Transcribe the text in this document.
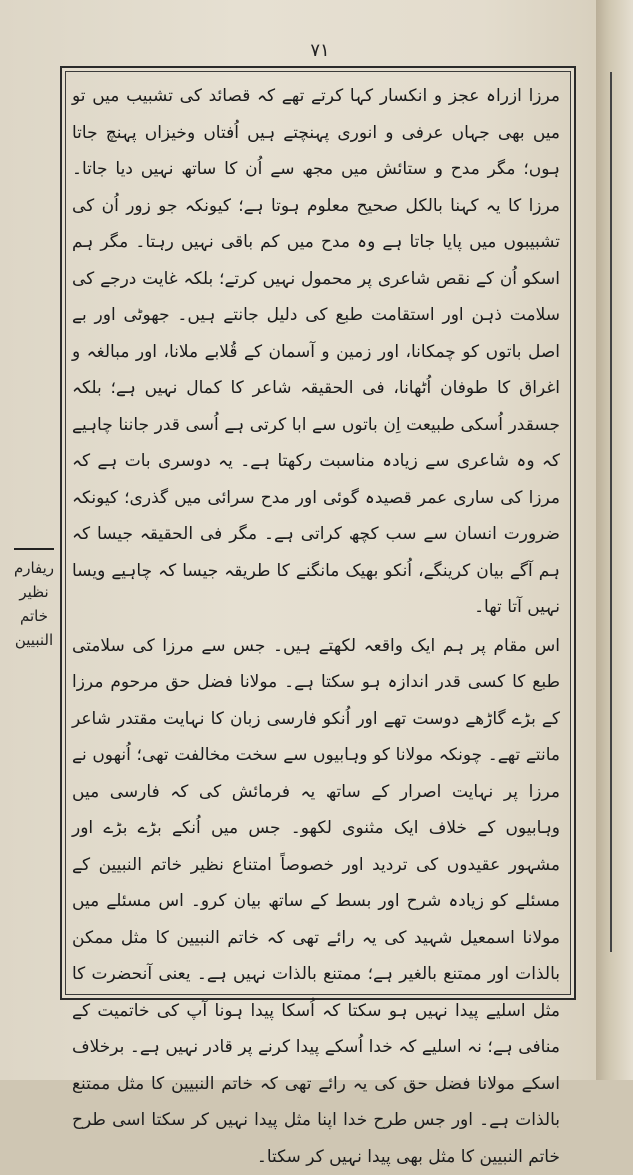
۷۱

مرزا ازراہ عجز و انکسار کہا کرتے تھے کہ قصائد کی تشبیب میں تو میں بھی جہاں عرفی و انوری پہنچتے ہیں اُفتاں وخیزاں پہنچ جاتا ہوں؛ مگر مدح و ستائش میں مجھ سے اُن کا ساتھ نہیں دیا جاتا۔ مرزا کا یہ کہنا بالکل صحیح معلوم ہوتا ہے؛ کیونکہ جو زور اُن کی تشبیبوں میں پایا جاتا ہے وہ مدح میں کم باقی نہیں رہتا۔ مگر ہم اسکو اُن کے نقص شاعری پر محمول نہیں کرتے؛ بلکہ غایت درجے کی سلامت ذہن اور استقامت طبع کی دلیل جانتے ہیں۔ جھوٹی اور بے اصل باتوں کو چمکانا، اور زمین و آسمان کے قُلابے ملانا، اور مبالغہ و اغراق کا طوفان اُٹھانا، فی الحقیقہ شاعر کا کمال نہیں ہے؛ بلکہ جسقدر اُسکی طبیعت اِن باتوں سے ابا کرتی ہے اُسی قدر جاننا چاہیے کہ وہ شاعری سے زیادہ مناسبت رکھتا ہے۔ یہ دوسری بات ہے کہ مرزا کی ساری عمر قصیدہ گوئی اور مدح سرائی میں گذری؛ کیونکہ ضرورت انسان سے سب کچھ کراتی ہے۔ مگر فی الحقیقہ جیسا کہ ہم آگے بیان کرینگے، اُنکو بھیک مانگنے کا طریقہ جیسا کہ چاہیے ویسا نہیں آتا تھا۔

اس مقام پر ہم ایک واقعہ لکھتے ہیں۔ جس سے مرزا کی سلامتی طبع کا کسی قدر اندازہ ہو سکتا ہے۔ مولانا فضل حق مرحوم مرزا کے بڑے گاڑھے دوست تھے اور اُنکو فارسی زبان کا نہایت مقتدر شاعر مانتے تھے۔ چونکہ مولانا کو وہابیوں سے سخت مخالفت تھی؛ اُنھوں نے مرزا پر نہایت اصرار کے ساتھ یہ فرمائش کی کہ فارسی میں وہابیوں کے خلاف ایک مثنوی لکھو۔ جس میں اُنکے بڑے بڑے اور مشہور عقیدوں کی تردید اور خصوصاً امتناع نظیر خاتم النبیین کے مسئلے کو زیادہ شرح اور بسط کے ساتھ بیان کرو۔ اس مسئلے میں مولانا اسمعیل شہید کی یہ رائے تھی کہ خاتم النبیین کا مثل ممکن بالذات اور ممتنع بالغیر ہے؛ ممتنع بالذات نہیں ہے۔ یعنی آنحضرت کا مثل اسلیے پیدا نہیں ہو سکتا کہ اُسکا پیدا ہونا آپ کی خاتمیت کے منافی ہے؛ نہ اسلیے کہ خدا اُسکے پیدا کرنے پر قادر نہیں ہے۔ برخلاف اسکے مولانا فضل حق کی یہ رائے تھی کہ خاتم النبیین کا مثل ممتنع بالذات ہے۔ اور جس طرح خدا اپنا مثل پیدا نہیں کر سکتا اسی طرح خاتم النبیین کا مثل بھی پیدا نہیں کر سکتا۔

ریفارم
نظیر
خاتم النبیین
